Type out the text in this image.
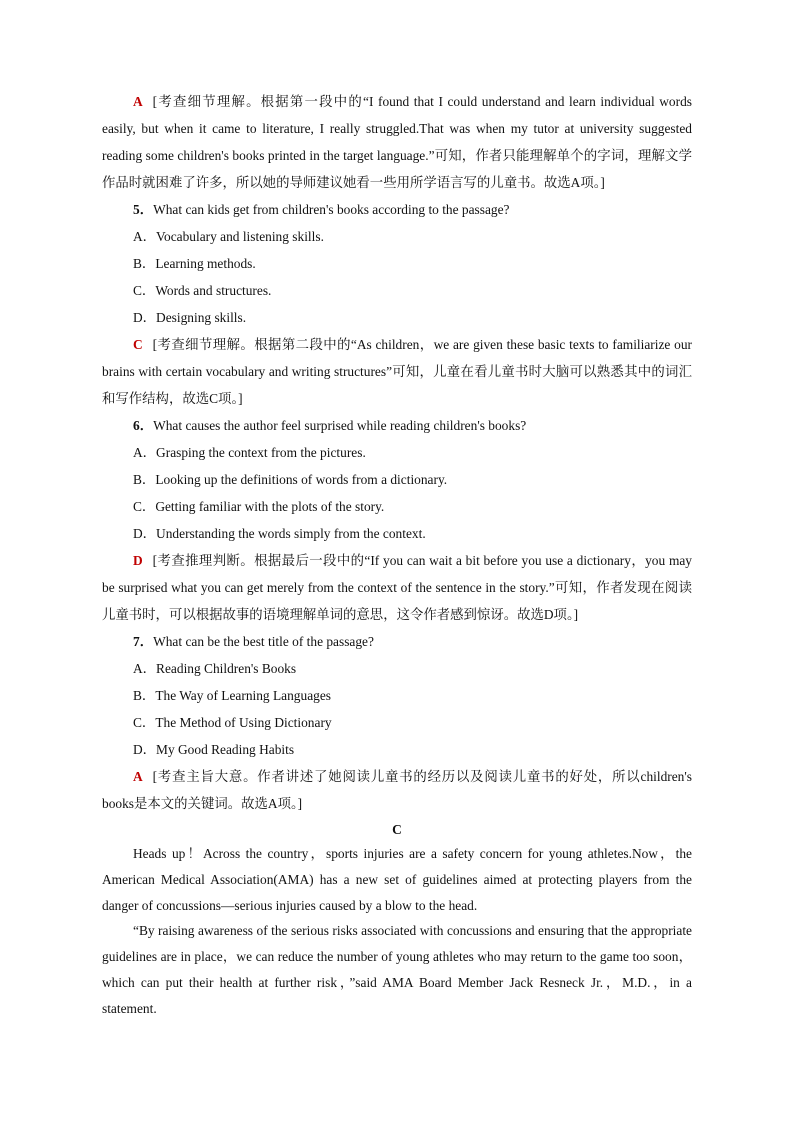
A [考查细节理解。根据第一段中的“I found that I could understand and learn individual words easily, but when it came to literature, I really struggled.That was when my tutor at university suggested reading some children's books printed in the target language.”可知，作者只能理解单个的字词，理解文学作品时就困难了许多，所以她的导师建议她看一些用所学语言写的儿童书。故选A项。]

5．What can kids get from children's books according to the passage?
A．Vocabulary and listening skills.
B．Learning methods.
C．Words and structures.
D．Designing skills.

C [考查细节理解。根据第二段中的“As children，we are given these basic texts to familiarize our brains with certain vocabulary and writing structures”可知，儿童在看儿童书时大脑可以熟悉其中的词汇和写作结构，故选C项。]

6．What causes the author feel surprised while reading children's books?
A．Grasping the context from the pictures.
B．Looking up the definitions of words from a dictionary.
C．Getting familiar with the plots of the story.
D．Understanding the words simply from the context.

D [考查推理判断。根据最后一段中的“If you can wait a bit before you use a dictionary，you may be surprised what you can get merely from the context of the sentence in the story.”可知，作者发现在阅读儿童书时，可以根据故事的语境理解单词的意思，这令作者感到惊讶。故选D项。]

7．What can be the best title of the passage?
A．Reading Children's Books
B．The Way of Learning Languages
C．The Method of Using Dictionary
D．My Good Reading Habits

A [考查主旨大意。作者讲述了她阅读儿童书的经历以及阅读儿童书的好处，所以children's books是本文的关键词。故选A项。]

C

Heads up！Across the country，sports injuries are a safety concern for young athletes.Now，the American Medical Association(AMA) has a new set of guidelines aimed at protecting players from the danger of concussions—serious injuries caused by a blow to the head.

“By raising awareness of the serious risks associated with concussions and ensuring that the appropriate guidelines are in place，we can reduce the number of young athletes who may return to the game too soon，which can put their health at further risk，”said AMA Board Member Jack Resneck Jr.，M.D.，in a statement.
